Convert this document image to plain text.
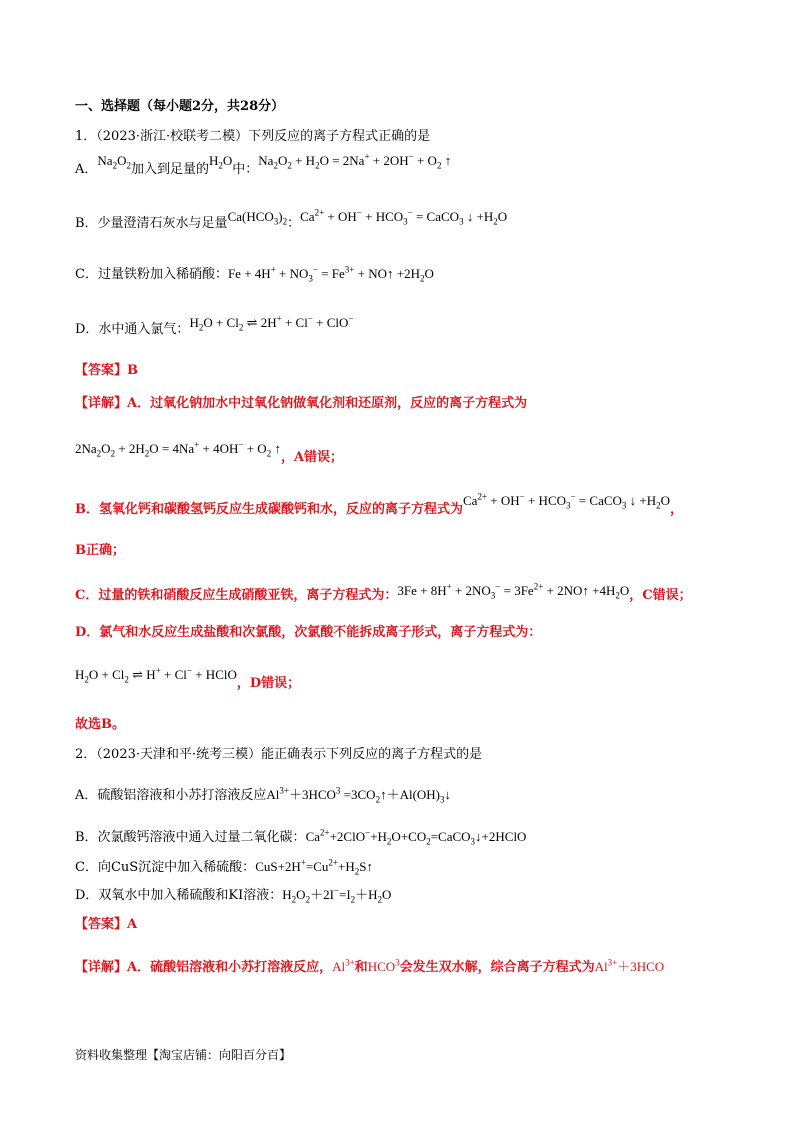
一、选择题（每小题2分，共28分）
1．（2023·浙江·校联考二模）下列反应的离子方程式正确的是
A．$Na_2O_2$加入到足量的$H_2O$中：$Na_2O_2 + H_2O = 2Na^+ + 2OH^- + O_2$ ↑
B．少量澄清石灰水与足量$Ca(HCO_3)_2$：$Ca^{2+} + OH^- + HCO_3^-$ = CaCO$_3$ ↓ $+H_2O$
C．过量铁粉加入稀硝酸：$Fe + 4H^+ + NO_3^- = Fe^{3+}$ + NO↑ $+2H_2O$
D．水中通入氯气：$H_2O + Cl_2$ ⇌ 2H+ + Cl− + ClO−
【答案】B
【详解】A．过氧化钠加水中过氧化钠做氧化剂和还原剂，反应的离子方程式为
$2Na_2O_2 + 2H_2O = 4Na^+ + 4OH^- + O_2$ ↑，A错误；
B．氢氧化钙和碳酸氢钙反应生成碳酸钙和水，反应的离子方程式为$Ca^{2+} + OH^- + HCO_3^-$ = CaCO$_3$ ↓ $+H_2O$，
B正确；
C．过量的铁和硝酸反应生成硝酸亚铁，离子方程式为：$3Fe + 8H^+ + 2NO_3^- = 3Fe^{2+}$ + 2NO↑ $+4H_2O$，C错误；
D．氯气和水反应生成盐酸和次氯酸，次氯酸不能拆成离子形式，离子方程式为：
$H_2O + Cl_2$ ⇌ H+ + Cl− + HClO，D错误；
故选B。
2．（2023·天津和平·统考三模）能正确表示下列反应的离子方程式的是
A．硫酸铝溶液和小苏打溶液反应$Al^{3+}+3HCO^3$ $=3CO_2↑+Al(OH)_3↓$
B．次氯酸钙溶液中通入过量二氧化碳：$Ca^{2+}+2ClO^-+H_2O+CO_2=CaCO_3↓+2HClO$
C．向CuS沉淀中加入稀硫酸：$CuS+2H^+=Cu^{2+}+H_2S↑$
D．双氧水中加入稀硫酸和KI溶液：$H_2O_2+2I^-=I_2+H_2O$
【答案】A
【详解】A．硫酸铝溶液和小苏打溶液反应，$Al^{3+}$和HCO$^3$会发生双水解，综合离子方程式为$Al^{3+}+3HCO$
资料收集整理【淘宝店铺：向阳百分百】
